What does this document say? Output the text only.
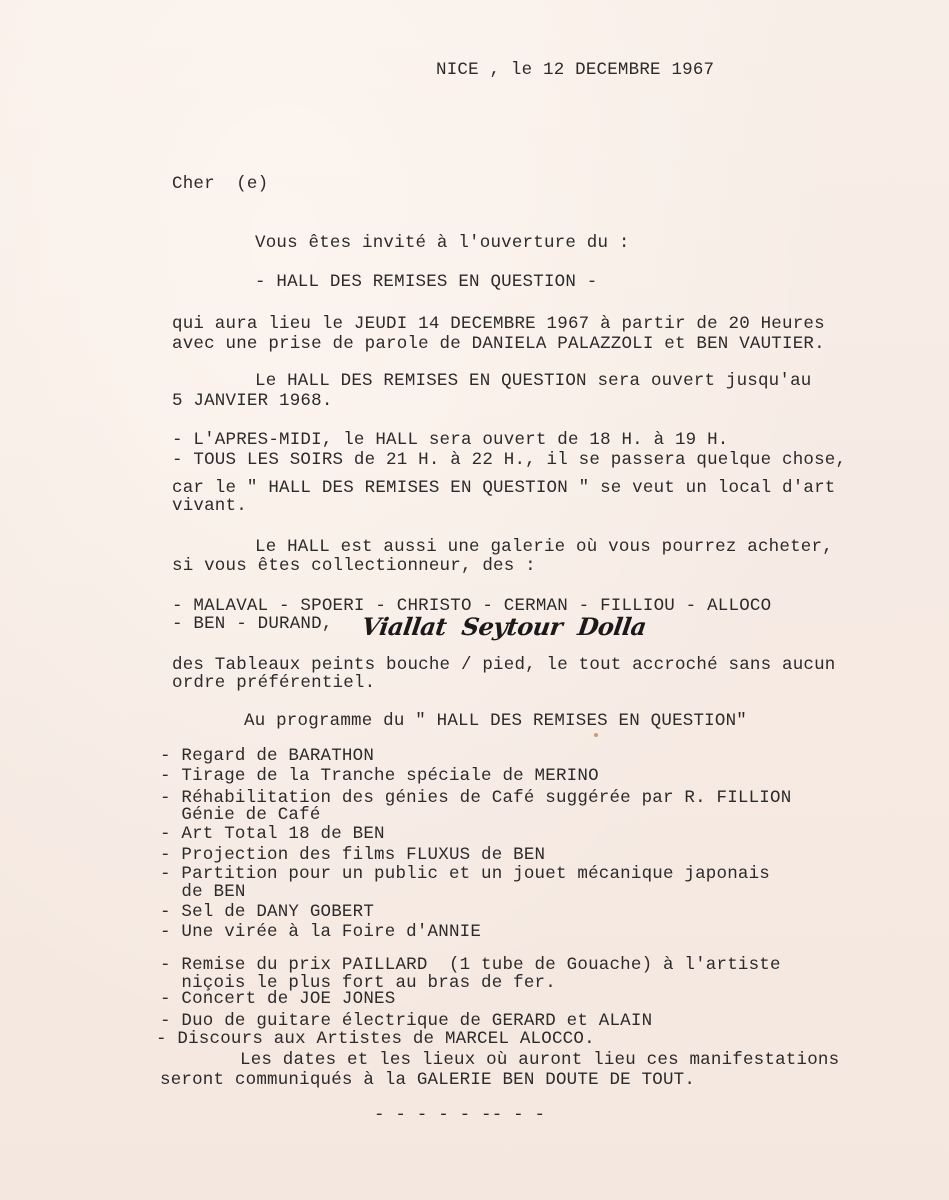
NICE , le 12 DECEMBRE 1967
Cher  (e)
Vous êtes invité à l'ouverture du :
- HALL DES REMISES EN QUESTION -
qui aura lieu le JEUDI 14 DECEMBRE 1967 à partir de 20 Heures
avec une prise de parole de DANIELA PALAZZOLI et BEN VAUTIER.
Le HALL DES REMISES EN QUESTION sera ouvert jusqu'au
5 JANVIER 1968.
- L'APRES-MIDI, le HALL sera ouvert de 18 H. à 19 H.
- TOUS LES SOIRS de 21 H. à 22 H., il se passera quelque chose,
car le " HALL DES REMISES EN QUESTION " se veut un local d'art
vivant.
Le HALL est aussi une galerie où vous pourrez acheter,
si vous êtes collectionneur, des :
- MALAVAL - SPOERI - CHRISTO - CERMAN - FILLIOU - ALLOCO
- BEN - DURAND, Viallat  Seytour  Dolla
des Tableaux peints bouche / pied, le tout accroché sans aucun
ordre préférentiel.
Au programme du " HALL DES REMISES EN QUESTION"
- Regard de BARATHON
- Tirage de la Tranche spéciale de MERINO
- Réhabilitation des génies de Café suggérée par R. FILLION
Génie de Café
- Art Total 18 de BEN
- Projection des films FLUXUS de BEN
- Partition pour un public et un jouet mécanique japonais
de BEN
- Sel de DANY GOBERT
- Une virée à la Foire d'ANNIE
- Remise du prix PAILLARD  (1 tube de Gouache) à l'artiste
niçois le plus fort au bras de fer.
- Concert de JOE JONES
- Duo de guitare électrique de GERARD et ALAIN
- Discours aux Artistes de MARCEL ALOCCO.
Les dates et les lieux où auront lieu ces manifestations
seront communiqués à la GALERIE BEN DOUTE DE TOUT.
- - - - - -- - -
